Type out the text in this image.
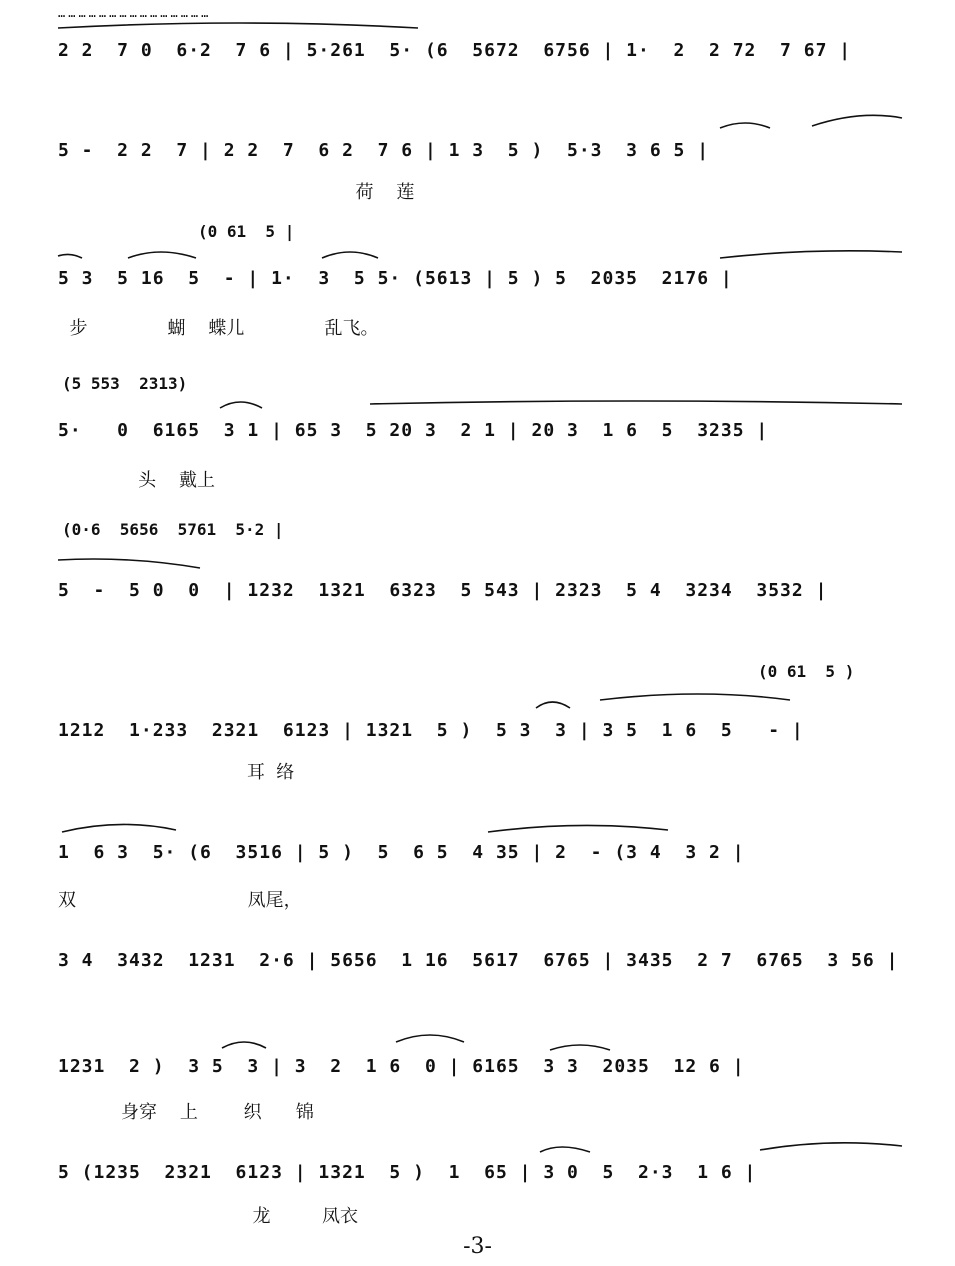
………………………………………
2 2  7 0  6·2  7 6 | 5·261  5· (6  5672  6756 | 1·  2  2 72  7 67 |
5 -  2 2  7 | 2 2  7  6 2  7 6 | 1 3  5 )  5·3  3 6 5 |
荷    莲
(0 61  5 |
5 3  5 16  5  - | 1·  3  5 5· (5613 | 5 ) 5  2035  2176 |
步              蝴    蝶儿              乱飞。
(5 553  2313)
5·   0  6165  3 1 | 65 3  5 20 3  2 1 | 20 3  1 6  5  3235 |
头    戴上
(0·6  5656  5761  5·2 |
5  -  5 0  0  | 1232  1321  6323  5 543 | 2323  5 4  3234  3532 |
(0 61  5 )
1212  1·233  2321  6123 | 1321  5 )  5 3  3 | 3 5  1 6  5   - |
耳  络
1  6 3  5· (6  3516 | 5 )  5  6 5  4 35 | 2  - (3 4  3 2 |
双                              凤尾，
3 4  3432  1231  2·6 | 5656  1 16  5617  6765 | 3435  2 7  6765  3 56 |
1231  2 )  3 5  3 | 3  2  1 6  0 | 6165  3 3  2035  12 6 |
身穿    上        织      锦
5 (1235  2321  6123 | 1321  5 )  1  65 | 3 0  5  2·3  1 6 |
龙         凤衣
-3-
